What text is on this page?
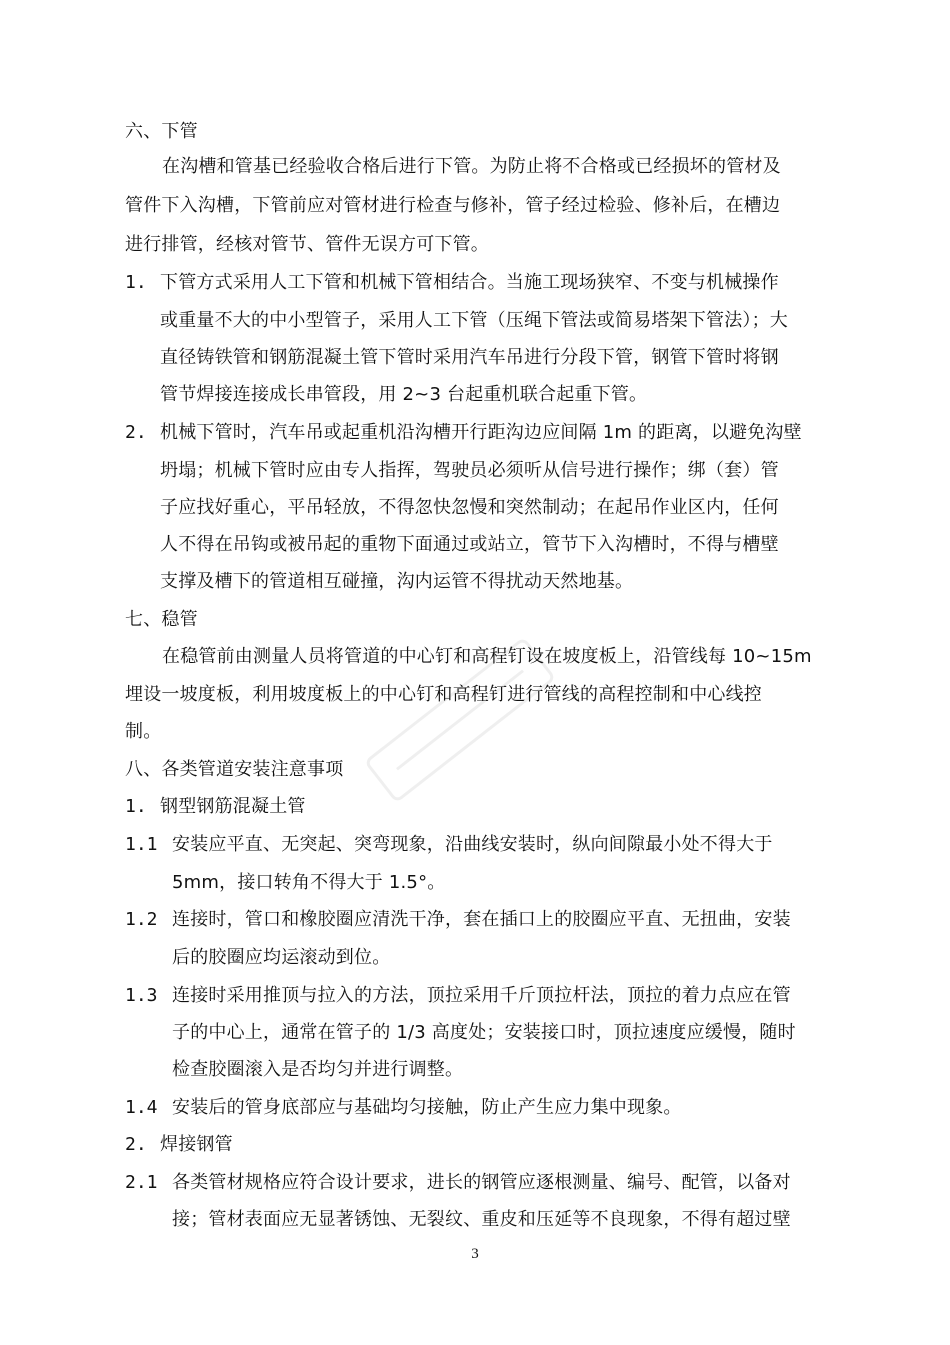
六、下管
在沟槽和管基已经验收合格后进行下管。为防止将不合格或已经损坏的管材及
管件下入沟槽，下管前应对管材进行检查与修补，管子经过检验、修补后，在槽边
进行排管，经核对管节、管件无误方可下管。
1. 下管方式采用人工下管和机械下管相结合。当施工现场狭窄、不变与机械操作
或重量不大的中小型管子，采用人工下管（压绳下管法或简易塔架下管法）；大
直径铸铁管和钢筋混凝土管下管时采用汽车吊进行分段下管，钢管下管时将钢
管节焊接连接成长串管段，用 2~3 台起重机联合起重下管。
2. 机械下管时，汽车吊或起重机沿沟槽开行距沟边应间隔 1m 的距离，以避免沟壁
坍塌；机械下管时应由专人指挥，驾驶员必须听从信号进行操作；绑（套）管
子应找好重心，平吊轻放，不得忽快忽慢和突然制动；在起吊作业区内，任何
人不得在吊钩或被吊起的重物下面通过或站立，管节下入沟槽时，不得与槽壁
支撑及槽下的管道相互碰撞，沟内运管不得扰动天然地基。
七、稳管
在稳管前由测量人员将管道的中心钉和高程钉设在坡度板上，沿管线每 10~15m
埋设一坡度板，利用坡度板上的中心钉和高程钉进行管线的高程控制和中心线控
制。
八、各类管道安装注意事项
1. 钢型钢筋混凝土管
1.1 安装应平直、无突起、突弯现象，沿曲线安装时，纵向间隙最小处不得大于
5mm，接口转角不得大于 1.5°。
1.2 连接时，管口和橡胶圈应清洗干净，套在插口上的胶圈应平直、无扭曲，安装
后的胶圈应均运滚动到位。
1.3 连接时采用推顶与拉入的方法，顶拉采用千斤顶拉杆法，顶拉的着力点应在管
子的中心上，通常在管子的 1/3 高度处；安装接口时，顶拉速度应缓慢，随时
检查胶圈滚入是否均匀并进行调整。
1.4 安装后的管身底部应与基础均匀接触，防止产生应力集中现象。
2. 焊接钢管
2.1 各类管材规格应符合设计要求，进长的钢管应逐根测量、编号、配管，以备对
接；管材表面应无显著锈蚀、无裂纹、重皮和压延等不良现象，不得有超过壁
3
